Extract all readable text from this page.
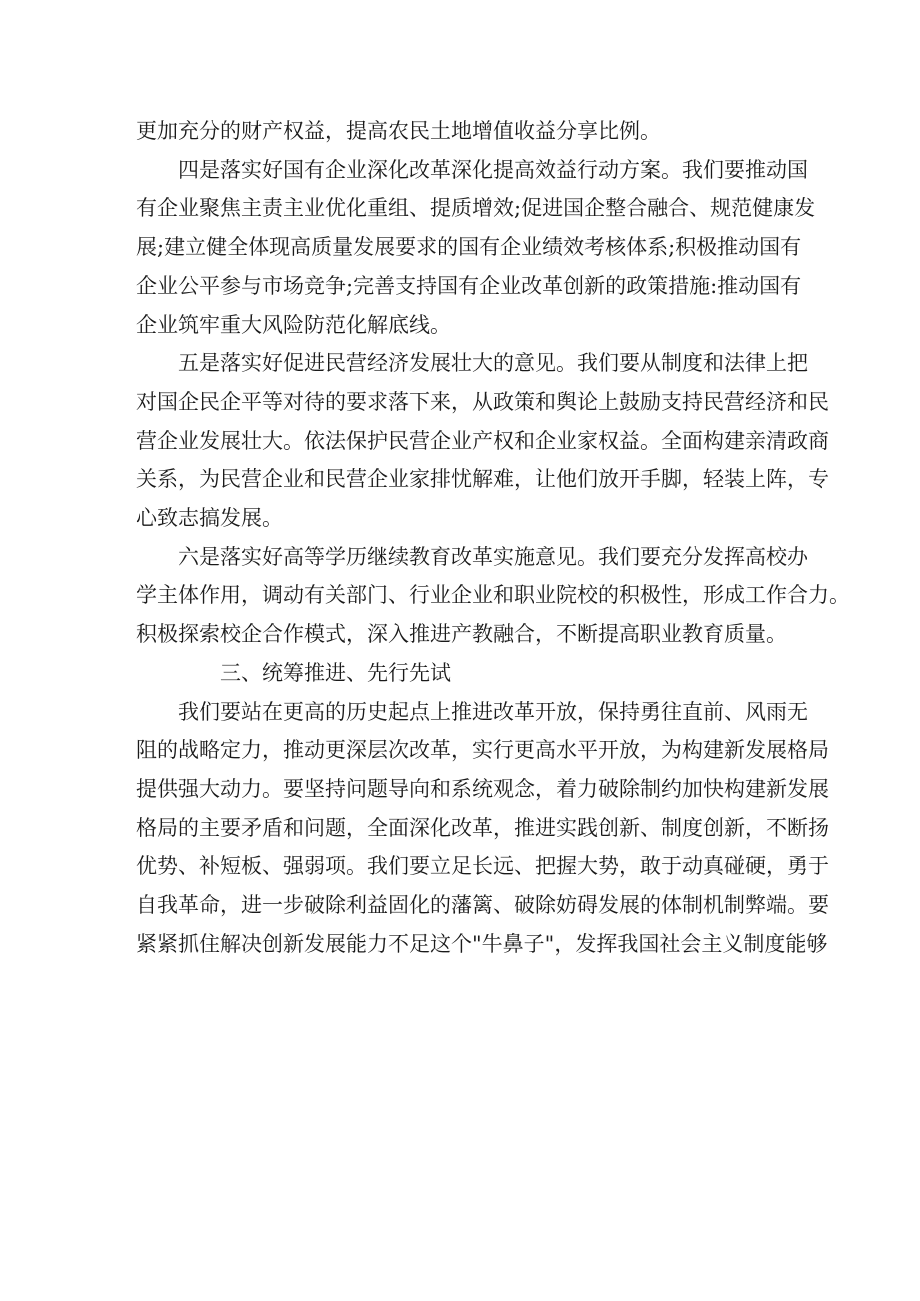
更加充分的财产权益，提高农民土地增值收益分享比例。
四是落实好国有企业深化改革深化提高效益行动方案。我们要推动国
有企业聚焦主责主业优化重组、提质增效;促进国企整合融合、规范健康发
展;建立健全体现高质量发展要求的国有企业绩效考核体系;积极推动国有
企业公平参与市场竞争;完善支持国有企业改革创新的政策措施:推动国有
企业筑牢重大风险防范化解底线。
五是落实好促进民营经济发展壮大的意见。我们要从制度和法律上把
对国企民企平等对待的要求落下来，从政策和舆论上鼓励支持民营经济和民
营企业发展壮大。依法保护民营企业产权和企业家权益。全面构建亲清政商
关系，为民营企业和民营企业家排忧解难，让他们放开手脚，轻装上阵，专
心致志搞发展。
六是落实好高等学历继续教育改革实施意见。我们要充分发挥高校办
学主体作用，调动有关部门、行业企业和职业院校的积极性，形成工作合力。
积极探索校企合作模式，深入推进产教融合，不断提高职业教育质量。
三、统筹推进、先行先试
我们要站在更高的历史起点上推进改革开放，保持勇往直前、风雨无
阻的战略定力，推动更深层次改革，实行更高水平开放，为构建新发展格局
提供强大动力。要坚持问题导向和系统观念，着力破除制约加快构建新发展
格局的主要矛盾和问题，全面深化改革，推进实践创新、制度创新，不断扬
优势、补短板、强弱项。我们要立足长远、把握大势，敢于动真碰硬，勇于
自我革命，进一步破除利益固化的藩篱、破除妨碍发展的体制机制弊端。要
紧紧抓住解决创新发展能力不足这个"牛鼻子"，发挥我国社会主义制度能够
